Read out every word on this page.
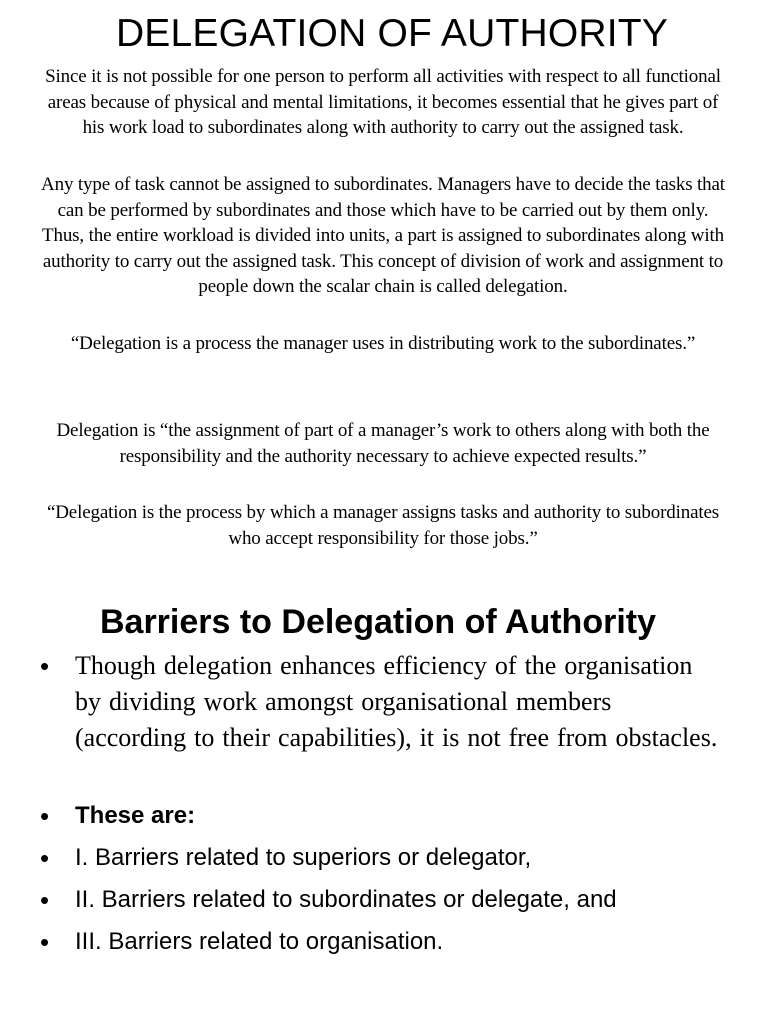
DELEGATION OF AUTHORITY

Since it is not possible for one person to perform all activities with respect to all functional areas because of physical and mental limitations, it becomes essential that he gives part of his work load to subordinates along with authority to carry out the assigned task.

Any type of task cannot be assigned to subordinates. Managers have to decide the tasks that can be performed by subordinates and those which have to be carried out by them only. Thus, the entire workload is divided into units, a part is assigned to subordinates along with authority to carry out the assigned task. This concept of division of work and assignment to people down the scalar chain is called delegation.

“Delegation is a process the manager uses in distributing work to the subordinates.”

Delegation is “the assignment of part of a manager’s work to others along with both the responsibility and the authority necessary to achieve expected results.”

“Delegation is the process by which a manager assigns tasks and authority to subordinates who accept responsibility for those jobs.”

Barriers to Delegation of Authority
• Though delegation enhances efficiency of the organisation by dividing work amongst organisational members (according to their capabilities), it is not free from obstacles.
•	These are:
•	I. Barriers related to superiors or delegator,
•	II. Barriers related to subordinates or delegate, and
•	III. Barriers related to organisation.
